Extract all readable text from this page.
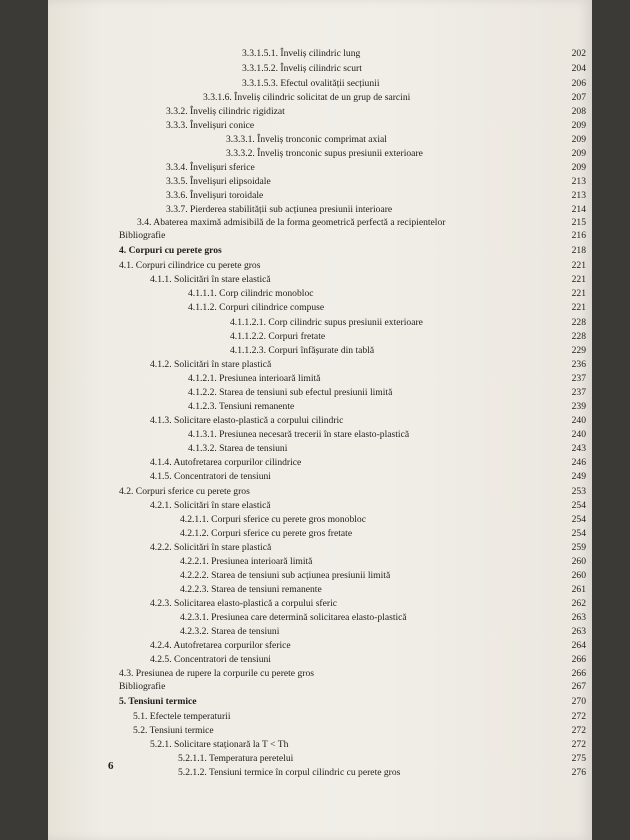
3.3.1.5.1. Înveliș cilindric lung	202
3.3.1.5.2. Înveliș cilindric scurt	204
3.3.1.5.3. Efectul ovalității secțiunii	206
3.3.1.6. Înveliș cilindric solicitat de un grup de sarcini	207
3.3.2. Înveliș cilindric rigidizat	208
3.3.3. Învelișuri conice	209
3.3.3.1. Înveliș tronconic comprimat axial	209
3.3.3.2. Înveliș tronconic supus presiunii exterioare	209
3.3.4. Învelișuri sferice	209
3.3.5. Învelișuri elipsoidale	213
3.3.6. Învelișuri toroidale	213
3.3.7. Pierderea stabilității sub acțiunea presiunii interioare	214
3.4. Abaterea maximă admisibilă de la forma geometrică perfectă a recipientelor	215
Bibliografie	216
4. Corpuri cu perete gros	218
4.1. Corpuri cilindrice cu perete gros	221
4.1.1. Solicitări în stare elastică	221
4.1.1.1. Corp cilindric monobloc	221
4.1.1.2. Corpuri cilindrice compuse	221
4.1.1.2.1. Corp cilindric supus presiunii exterioare	228
4.1.1.2.2. Corpuri fretate	228
4.1.1.2.3. Corpuri înfășurate din tablă	229
4.1.2. Solicitări în stare plastică	236
4.1.2.1. Presiunea interioară limită	237
4.1.2.2. Starea de tensiuni sub efectul presiunii limită	237
4.1.2.3. Tensiuni remanente	239
4.1.3. Solicitare elasto-plastică a corpului cilindric	240
4.1.3.1. Presiunea necesară trecerii în stare elasto-plastică	240
4.1.3.2. Starea de tensiuni	243
4.1.4. Autofretarea corpurilor cilindrice	246
4.1.5. Concentratori de tensiuni	249
4.2. Corpuri sferice cu perete gros	253
4.2.1. Solicitări în stare elastică	254
4.2.1.1. Corpuri sferice cu perete gros monobloc	254
4.2.1.2. Corpuri sferice cu perete gros fretate	254
4.2.2. Solicitări în stare plastică	259
4.2.2.1. Presiunea interioară limită	260
4.2.2.2. Starea de tensiuni sub acțiunea presiunii limită	260
4.2.2.3. Starea de tensiuni remanente	261
4.2.3. Solicitarea elasto-plastică a corpului sferic	262
4.2.3.1. Presiunea care determină solicitarea elasto-plastică	263
4.2.3.2. Starea de tensiuni	263
4.2.4. Autofretarea corpurilor sferice	264
4.2.5. Concentratori de tensiuni	266
4.3. Presiunea de rupere la corpurile cu perete gros	266
Bibliografie	267
5. Tensiuni termice	270
5.1. Efectele temperaturii	272
5.2. Tensiuni termice	272
5.2.1. Solicitare staționară la T < Th	272
5.2.1.1. Temperatura peretelui	275
5.2.1.2. Tensiuni termice în corpul cilindric cu perete gros	276
6
